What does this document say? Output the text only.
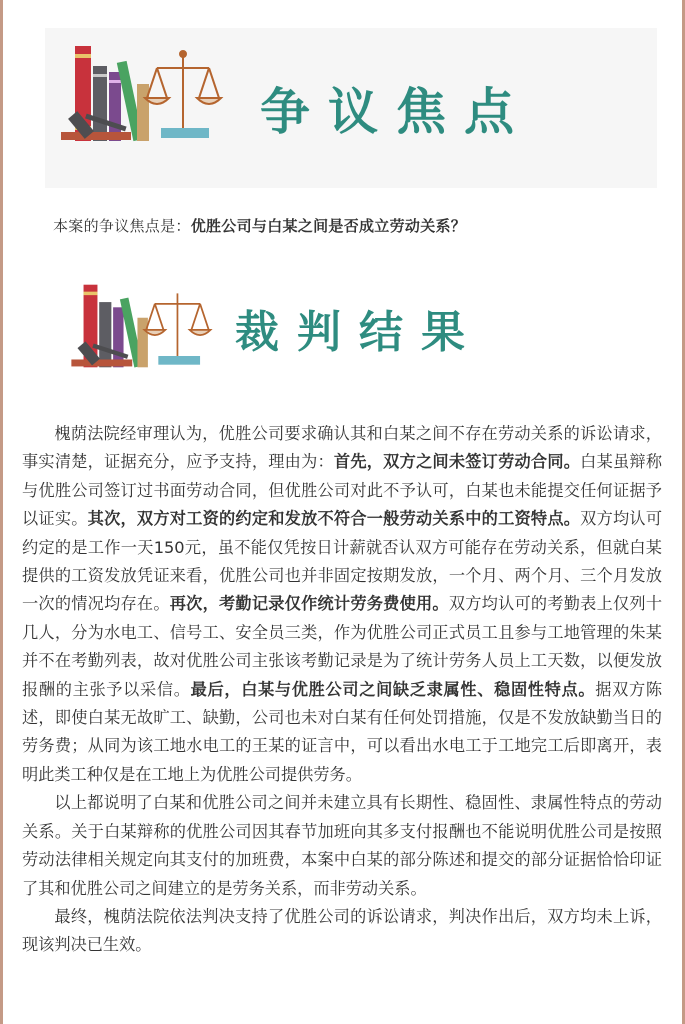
争议焦点
本案的争议焦点是：优胜公司与白某之间是否成立劳动关系？
裁判结果

槐荫法院经审理认为，优胜公司要求确认其和白某之间不存在劳动关系的诉讼请求，事实清楚，证据充分，应予支持，理由为：首先，双方之间未签订劳动合同。白某虽辩称与优胜公司签订过书面劳动合同，但优胜公司对此不予认可，白某也未能提交任何证据予以证实。其次，双方对工资的约定和发放不符合一般劳动关系中的工资特点。双方均认可约定的是工作一天150元，虽不能仅凭按日计薪就否认双方可能存在劳动关系，但就白某提供的工资发放凭证来看，优胜公司也并非固定按期发放，一个月、两个月、三个月发放一次的情况均存在。再次，考勤记录仅作统计劳务费使用。双方均认可的考勤表上仅列十几人，分为水电工、信号工、安全员三类，作为优胜公司正式员工且参与工地管理的朱某并不在考勤列表，故对优胜公司主张该考勤记录是为了统计劳务人员上工天数，以便发放报酬的主张予以采信。最后，白某与优胜公司之间缺乏隶属性、稳固性特点。据双方陈述，即使白某无故旷工、缺勤，公司也未对白某有任何处罚措施，仅是不发放缺勤当日的劳务费；从同为该工地水电工的王某的证言中，可以看出水电工于工地完工后即离开，表明此类工种仅是在工地上为优胜公司提供劳务。

以上都说明了白某和优胜公司之间并未建立具有长期性、稳固性、隶属性特点的劳动关系。关于白某辩称的优胜公司因其春节加班向其多支付报酬也不能说明优胜公司是按照劳动法律相关规定向其支付的加班费，本案中白某的部分陈述和提交的部分证据恰恰印证了其和优胜公司之间建立的是劳务关系，而非劳动关系。

最终，槐荫法院依法判决支持了优胜公司的诉讼请求，判决作出后，双方均未上诉，现该判决已生效。
